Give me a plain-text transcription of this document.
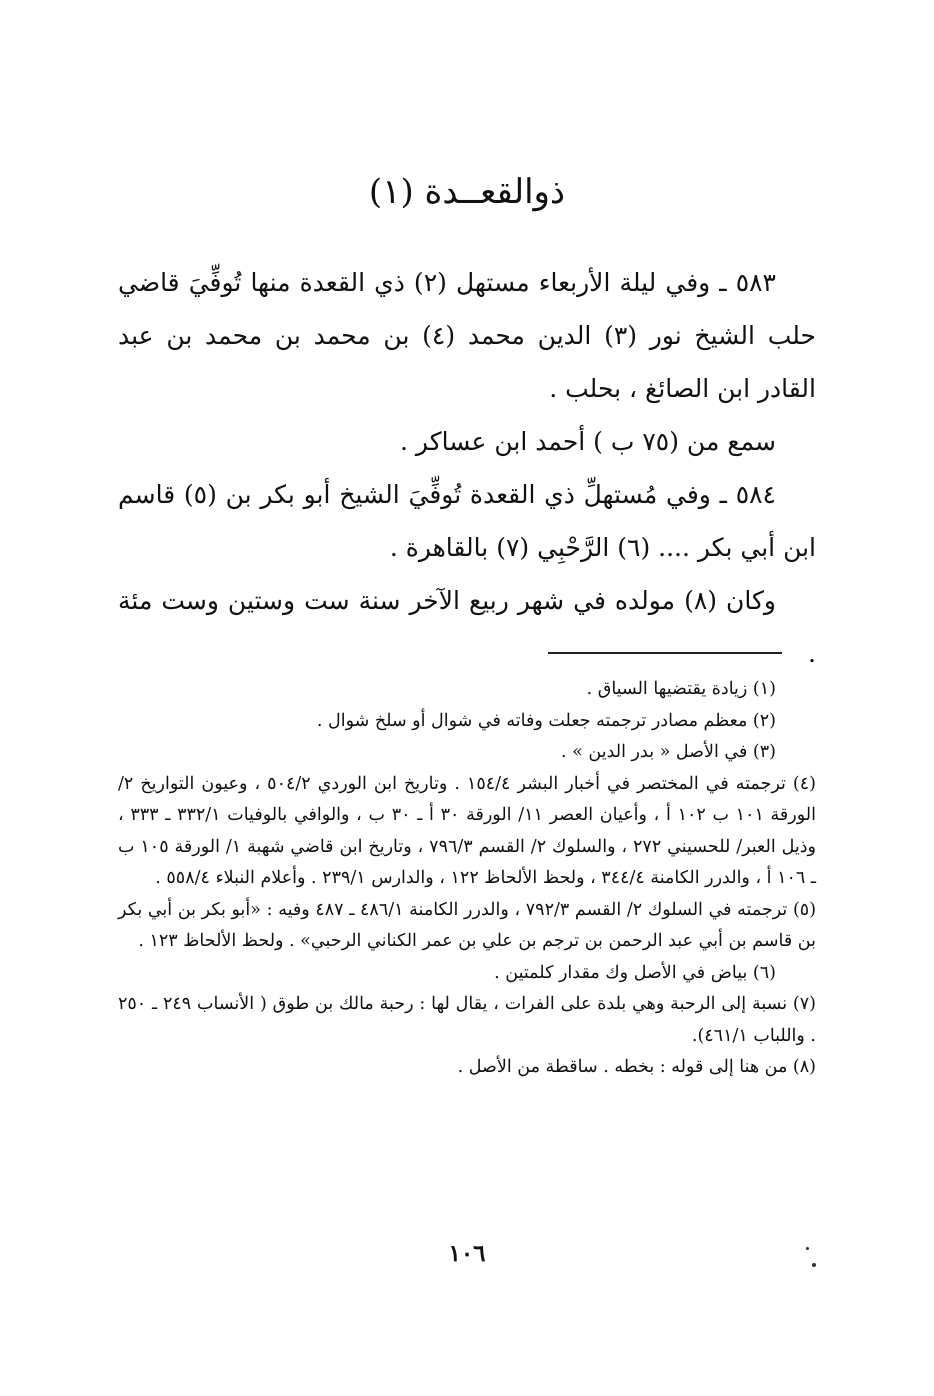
ذوالقعــدة (١)

٥٨٣ ـ وفي ليلة الأربعاء مستهل (٢) ذي القعدة منها تُوفِّيَ قاضي حلب الشيخ نور (٣) الدين محمد (٤) بن محمد بن محمد بن عبد القادر ابن الصائغ ، بحلب .

سمع من (٧٥ ب ) أحمد ابن عساكر .

٥٨٤ ـ وفي مُستهلِّ ذي القعدة تُوفِّيَ الشيخ أبو بكر بن (٥) قاسم ابن أبي بكر .... (٦) الرَّحْبِي (٧) بالقاهرة .

وكان (٨) مولده في شهر ربيع الآخر سنة ست وستين وست مئة .

(١) زيادة يقتضيها السياق .

(٢) معظم مصادر ترجمته جعلت وفاته في شوال أو سلخ شوال .

(٣) في الأصل « بدر الدين » .

(٤) ترجمته في المختصر في أخبار البشر ١٥٤/٤ . وتاريخ ابن الوردي ٥٠٤/٢ ، وعيون التواريخ ٢/ الورقة ١٠١ ب ١٠٢ أ ، وأعيان العصر ١١/ الورقة ٣٠ أ ـ ٣٠ ب ، والوافي بالوفيات ٣٣٢/١ ـ ٣٣٣ ، وذيل العبر/ للحسيني ٢٧٢ ، والسلوك ٢/ القسم ٧٩٦/٣ ، وتاريخ ابن قاضي شهبة ١/ الورقة ١٠٥ ب ـ ١٠٦ أ ، والدرر الكامنة ٣٤٤/٤ ، ولحظ الألحاظ ١٢٢ ، والدارس ٢٣٩/١ . وأعلام النبلاء ٥٥٨/٤ .

(٥) ترجمته في السلوك ٢/ القسم ٧٩٢/٣ ، والدرر الكامنة ٤٨٦/١ ـ ٤٨٧ وفيه : «أبو بكر بن أبي بكر بن قاسم بن أبي عبد الرحمن بن ترجم بن علي بن عمر الكناني الرحبي» . ولحظ الألحاظ ١٢٣ .

(٦) بياض في الأصل وك مقدار كلمتين .

(٧) نسبة إلى الرحبة وهي بلدة على الفرات ، يقال لها : رحبة مالك بن طوق ( الأنساب ٢٤٩ ـ ٢٥٠ . واللباب ٤٦١/١).

(٨) من هنا إلى قوله : بخطه . ساقطة من الأصل .

١٠٦
